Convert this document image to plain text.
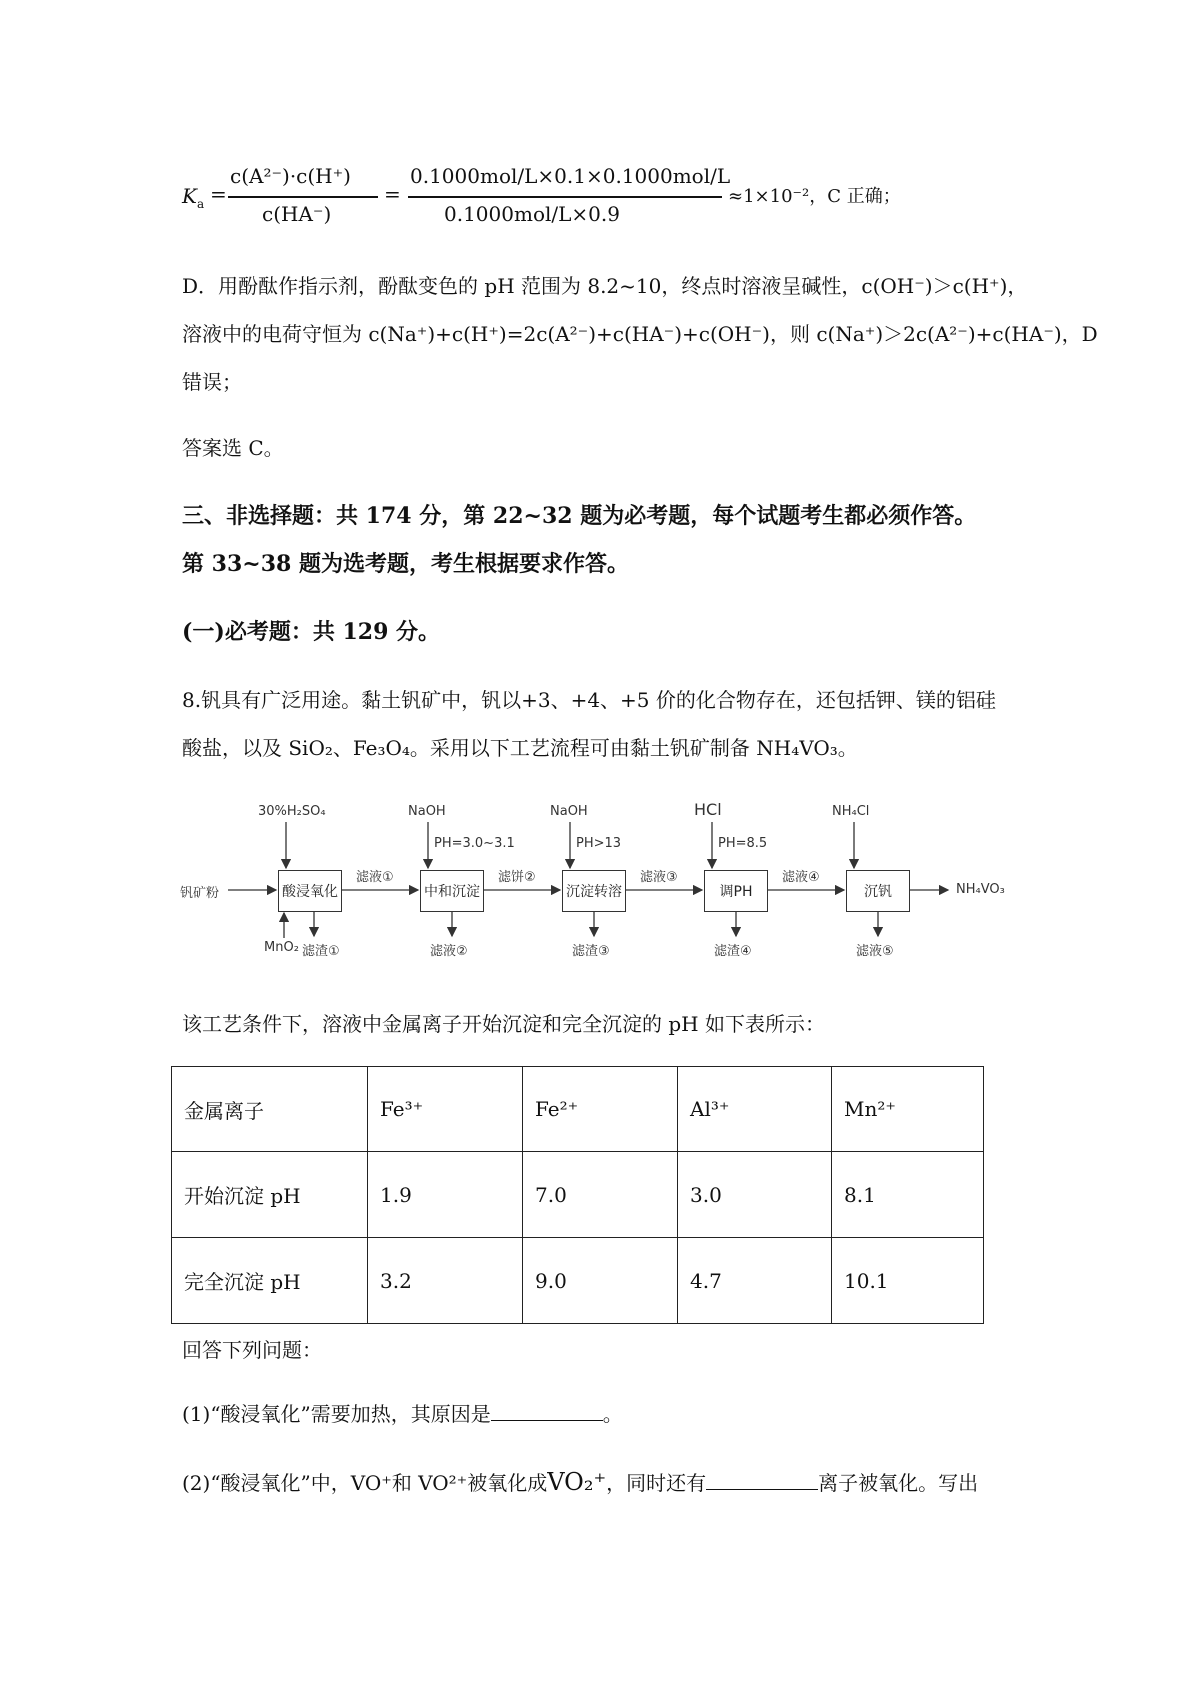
$K_a$ =
c(A²⁻)·c(H⁺)
c(HA⁻)
=
0.1000mol/L×0.1×0.1000mol/L
0.1000mol/L×0.9
≈1×10⁻²，C 正确；
D．用酚酞作指示剂，酚酞变色的 pH 范围为 8.2~10，终点时溶液呈碱性，c(OH⁻)＞c(H⁺)，
溶液中的电荷守恒为 c(Na⁺)+c(H⁺)=2c(A²⁻)+c(HA⁻)+c(OH⁻)，则 c(Na⁺)＞2c(A²⁻)+c(HA⁻)，D
错误；
答案选 C。
三、非选择题：共 174 分，第 22~32 题为必考题，每个试题考生都必须作答。
第 33~38 题为选考题，考生根据要求作答。
(一)必考题：共 129 分。
8.钒具有广泛用途。黏土钒矿中，钒以+3、+4、+5 价的化合物存在，还包括钾、镁的铝硅
酸盐，以及 SiO₂、Fe₃O₄。采用以下工艺流程可由黏土钒矿制备 NH₄VO₃。
钒矿粉	NH₄VO₃
酸浸氧化	中和沉淀	沉淀转溶	调PH	沉钒
30%H₂SO₄	NaOH	NaOH	HCl	NH₄Cl
PH=3.0~3.1	PH>13	PH=8.5
滤液①	滤饼②	滤液③	滤液④
MnO₂ 滤渣①	滤液②	滤渣③	滤渣④	滤液⑤
该工艺条件下，溶液中金属离子开始沉淀和完全沉淀的 pH 如下表所示：
金属离子	Fe³⁺	Fe²⁺	Al³⁺	Mn²⁺
开始沉淀 pH	1.9	7.0	3.0	8.1
完全沉淀 pH	3.2	9.0	4.7	10.1
回答下列问题：
(1)“酸浸氧化”需要加热，其原因是	。
(2)“酸浸氧化”中，VO⁺和 VO²⁺被氧化成VO₂⁺，同时还有	离子被氧化。写出
